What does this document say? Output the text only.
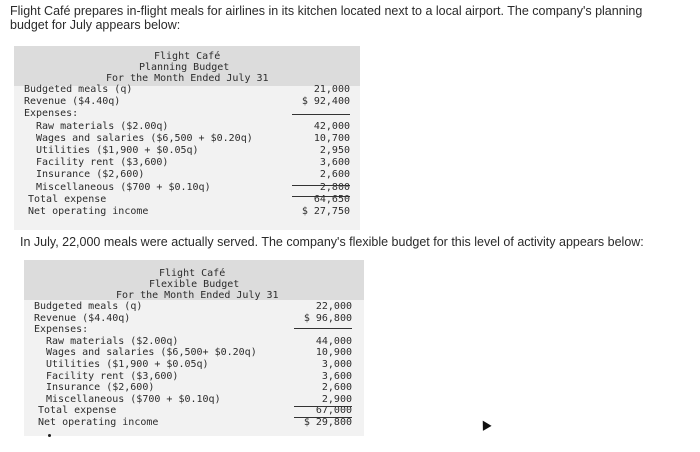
Flight Café prepares in-flight meals for airlines in its kitchen located next to a local airport. The company's planning budget for July appears below:
Flight Café
Planning Budget
For the Month Ended July 31
Budgeted meals (q)	21,000
Revenue ($4.40q)	$ 92,400
Expenses:
Raw materials ($2.00q)	42,000
Wages and salaries ($6,500 + $0.20q)	10,700
Utilities ($1,900 + $0.05q)	2,950
Facility rent ($3,600)	3,600
Insurance ($2,600)	2,600
Miscellaneous ($700 + $0.10q)	2,800
Total expense	64,650
Net operating income	$ 27,750
In July, 22,000 meals were actually served. The company's flexible budget for this level of activity appears below:
Flight Café
Flexible Budget
For the Month Ended July 31
Budgeted meals (q)	22,000
Revenue ($4.40q)	$ 96,800
Expenses:
Raw materials ($2.00q)	44,000
Wages and salaries ($6,500+ $0.20q)	10,900
Utilities ($1,900 + $0.05q)	3,000
Facility rent ($3,600)	3,600
Insurance ($2,600)	2,600
Miscellaneous ($700 + $0.10q)	2,900
Total expense	67,000
Net operating income	$ 29,800
